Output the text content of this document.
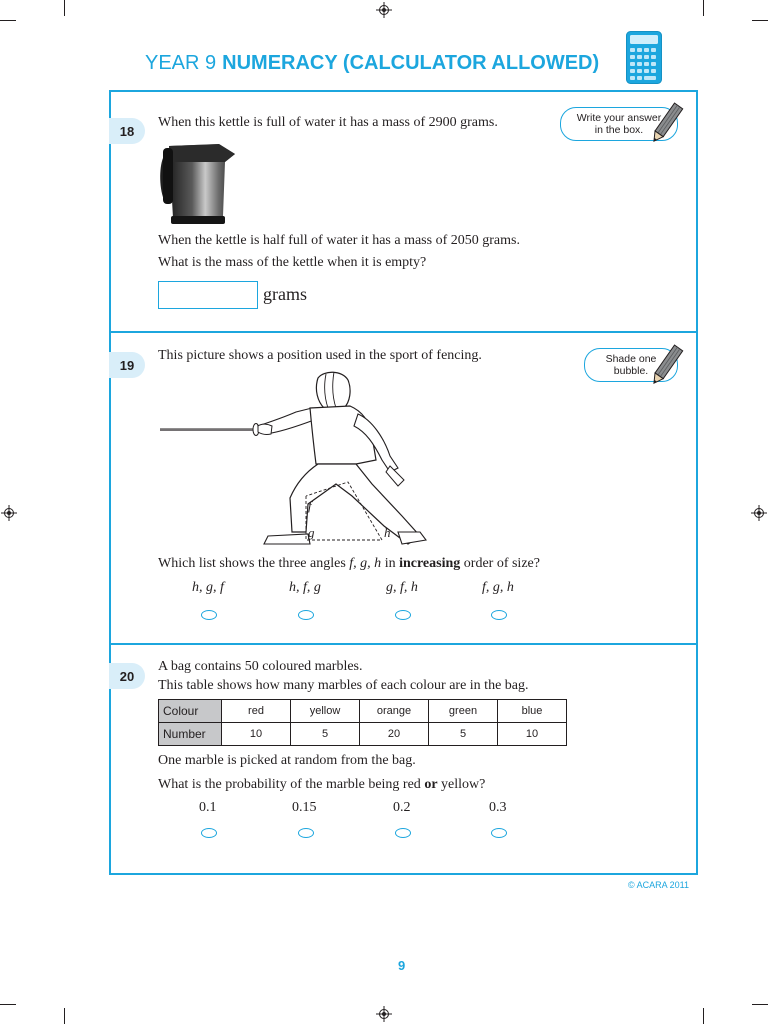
YEAR 9 NUMERACY (CALCULATOR ALLOWED)
18
When this kettle is full of water it has a mass of 2900 grams.	Write your answer
in the box.
When the kettle is half full of water it has a mass of 2050 grams.
What is the mass of the kettle when it is empty?
grams
19
This picture shows a position used in the sport of fencing.	Shade one
bubble.
f
g	h
Which list shows the three angles f, g, h in increasing order of size?
h, g, f	h, f, g	g, f, h	f, g, h
20
A bag contains 50 coloured marbles.
This table shows how many marbles of each colour are in the bag.
Colour	red	yellow	orange	green	blue
Number	10	5	20	5	10
One marble is picked at random from the bag.
What is the probability of the marble being red or yellow?
0.1	0.15	0.2	0.3
© ACARA 2011
9
